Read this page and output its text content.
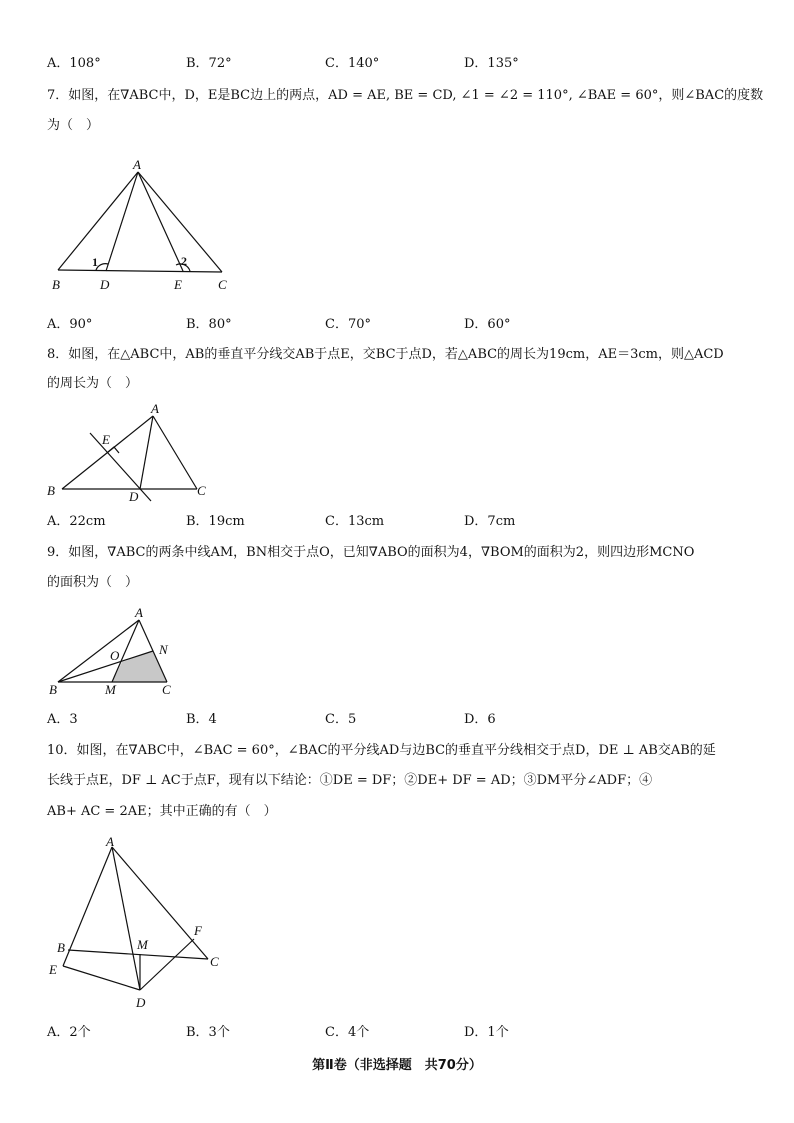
A．108°	B．72°	C．140°	D．135°
7．如图，在∇ABC中，D，E是BC边上的两点，AD = AE, BE = CD, ∠1 = ∠2 = 110°, ∠BAE = 60°，则∠BAC的度数
为（　）
A
B	D	E	C
1	2
A
E
B	D	C
A
N
O
B	M	C
A
B	M
F
C
E
D
A．90°	B．80°	C．70°	D．60°
8．如图，在△ABC中，AB的垂直平分线交AB于点E，交BC于点D，若△ABC的周长为19cm，AE＝3cm，则△ACD
的周长为（　）
A．22cm	B．19cm	C．13cm	D．7cm
9．如图，∇ABC的两条中线AM，BN相交于点O，已知∇ABO的面积为4，∇BOM的面积为2，则四边形MCNO
的面积为（　）
A．3	B．4	C．5	D．6
10．如图，在∇ABC中，∠BAC = 60°，∠BAC的平分线AD与边BC的垂直平分线相交于点D，DE ⊥ AB交AB的延
长线于点E，DF ⊥ AC于点F，现有以下结论：①DE = DF；②DE+ DF = AD；③DM平分∠ADF；④
AB+ AC = 2AE；其中正确的有（　）
A．2个	B．3个	C．4个	D．1个
第Ⅱ卷（非选择题　共70分）
